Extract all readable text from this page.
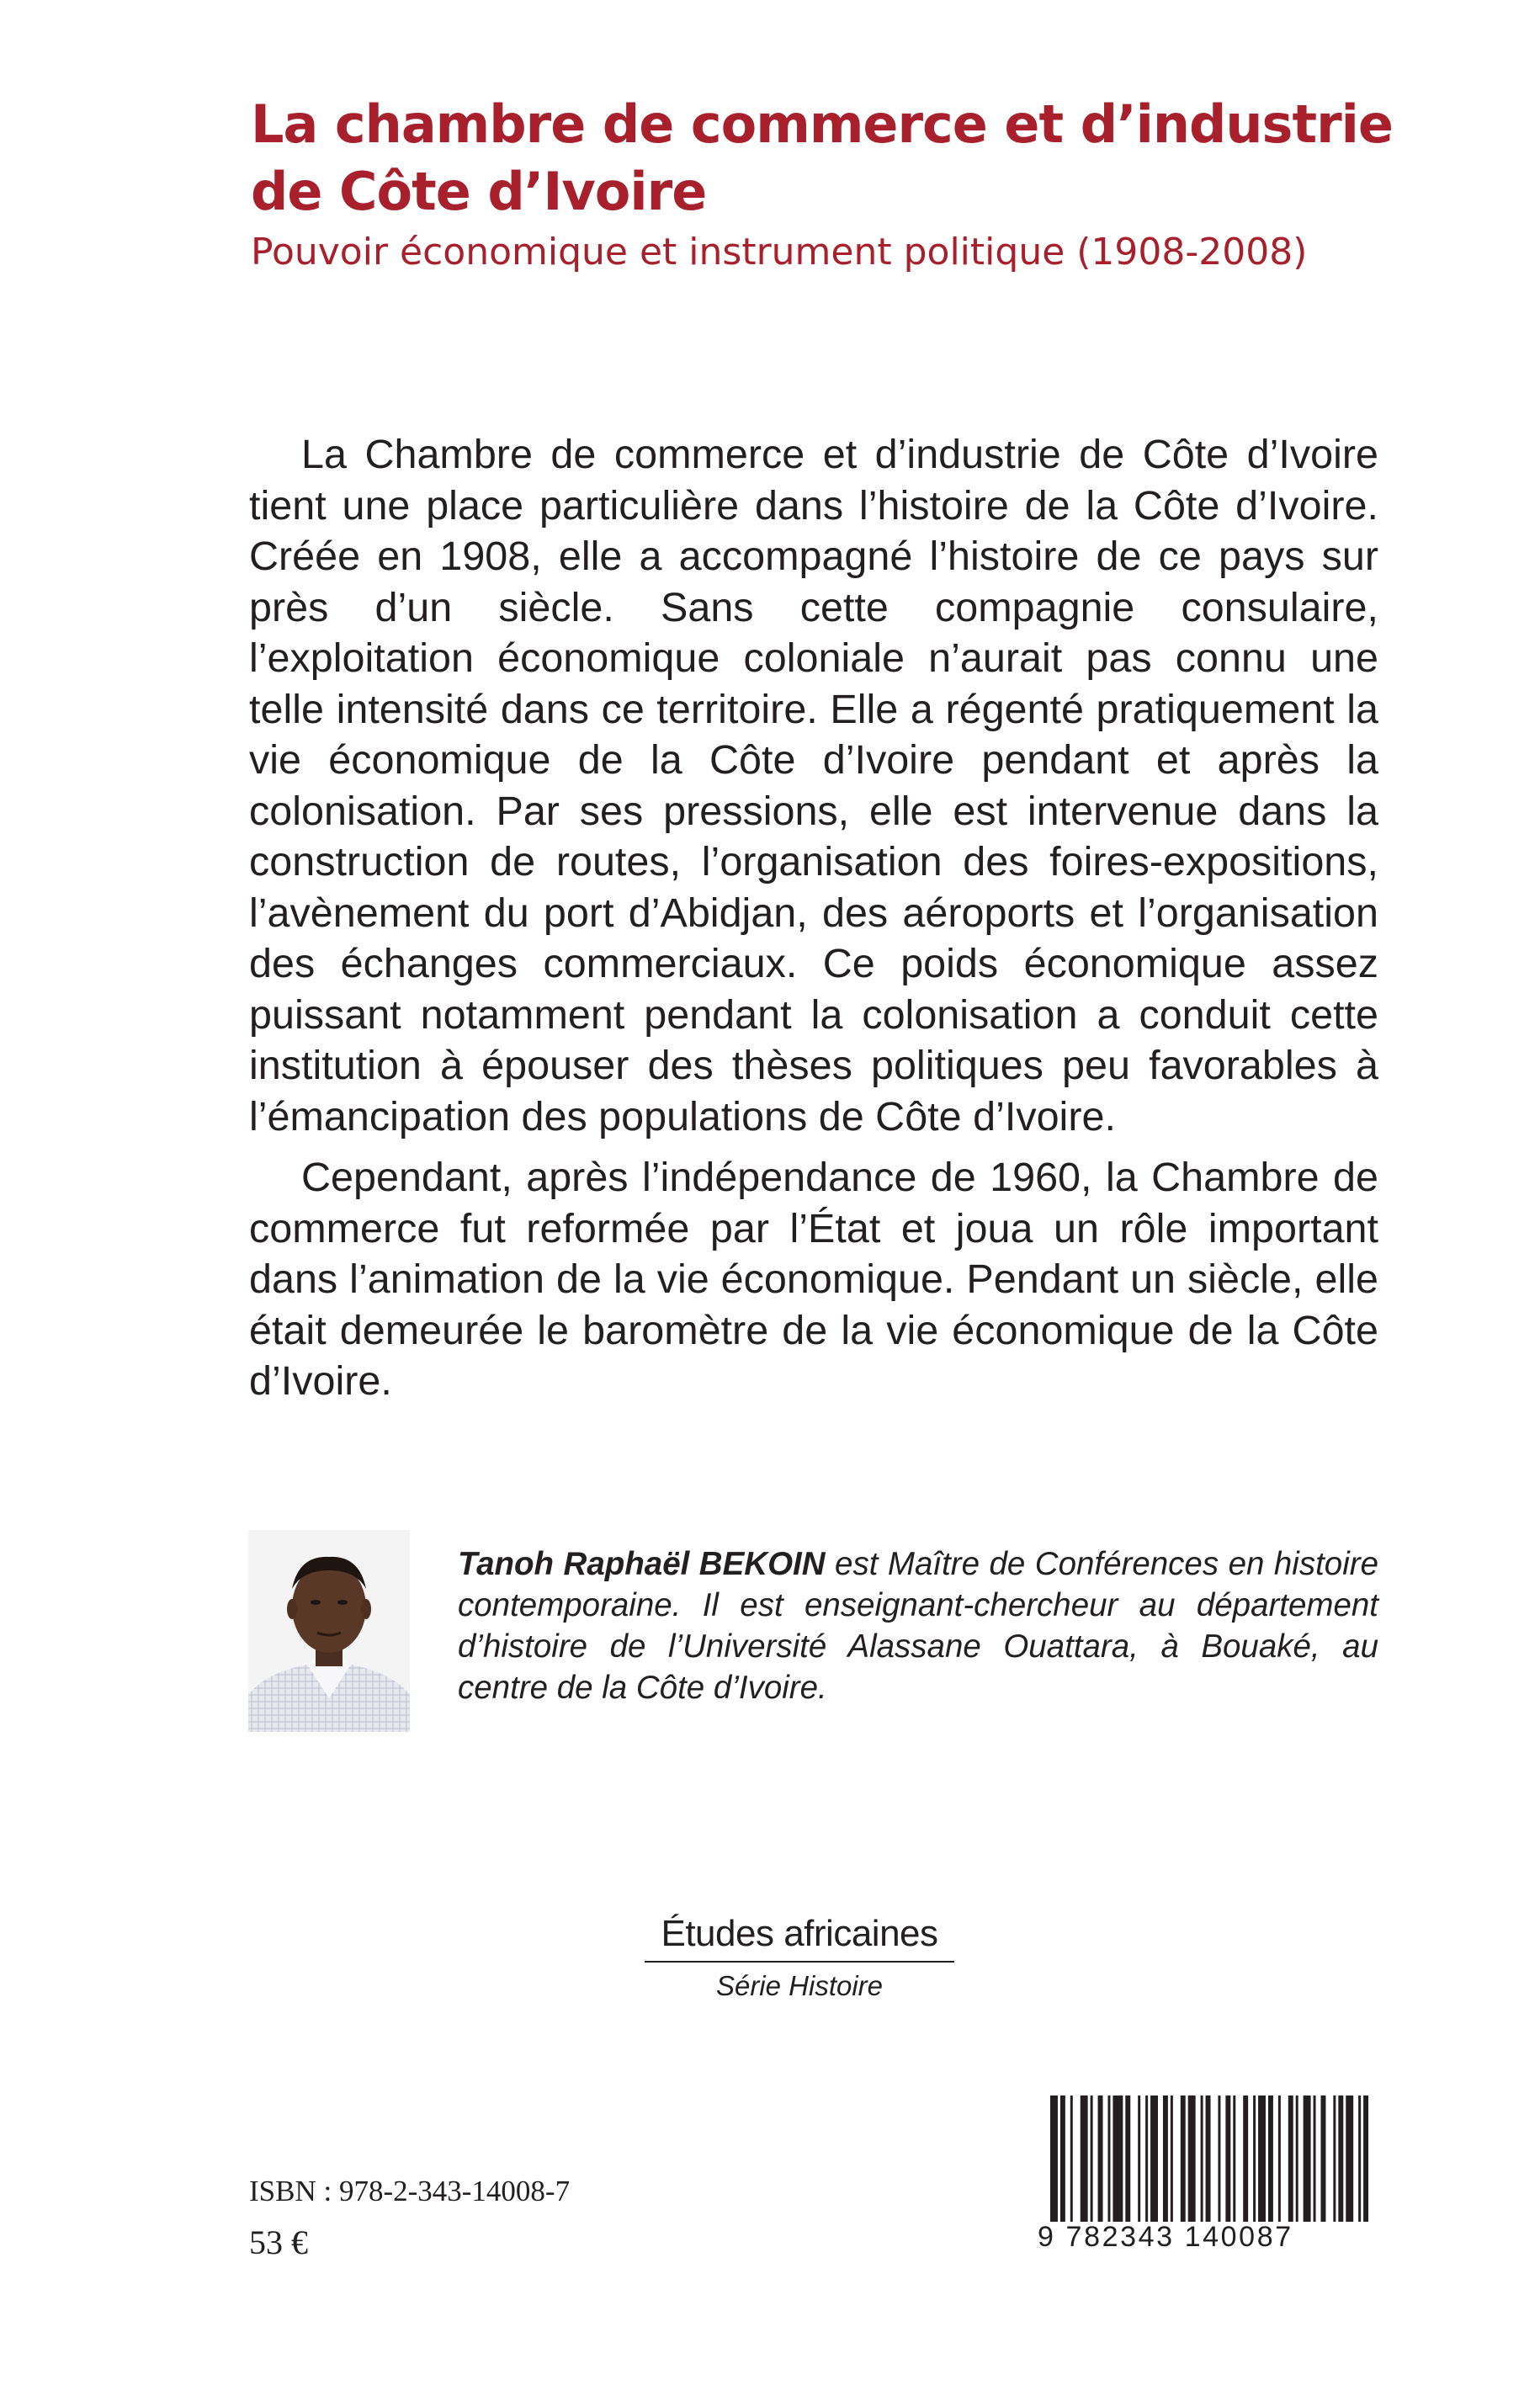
La chambre de commerce et d’industrie
de Côte d’Ivoire

Pouvoir économique et instrument politique (1908-2008)

La Chambre de commerce et d’industrie de Côte d’Ivoire tient une place particulière dans l’histoire de la Côte d’Ivoire. Créée en 1908, elle a accompagné l’histoire de ce pays sur près d’un siècle. Sans cette compagnie consulaire, l’exploitation économique coloniale n’aurait pas connu une telle intensité dans ce territoire. Elle a régenté pratiquement la vie économique de la Côte d’Ivoire pendant et après la colonisation. Par ses pressions, elle est intervenue dans la construction de routes, l’organisation des foires-expositions, l’avènement du port d’Abidjan, des aéroports et l’organisation des échanges commerciaux. Ce poids économique assez puissant notamment pendant la colonisation a conduit cette institution à épouser des thèses politiques peu favorables à l’émancipation des populations de Côte d’Ivoire.

Cependant, après l’indépendance de 1960, la Chambre de commerce fut reformée par l’État et joua un rôle important dans l’animation de la vie économique. Pendant un siècle, elle était demeurée le baromètre de la vie économique de la Côte d’Ivoire.

Tanoh Raphaël BEKOIN est Maître de Conférences en histoire contemporaine. Il est enseignant-chercheur au département d’histoire de l’Université Alassane Ouattara, à Bouaké, au centre de la Côte d’Ivoire.

Études africaines
Série Histoire
ISBN : 978-2-343-14008-7
53 €	9 782343 140087
